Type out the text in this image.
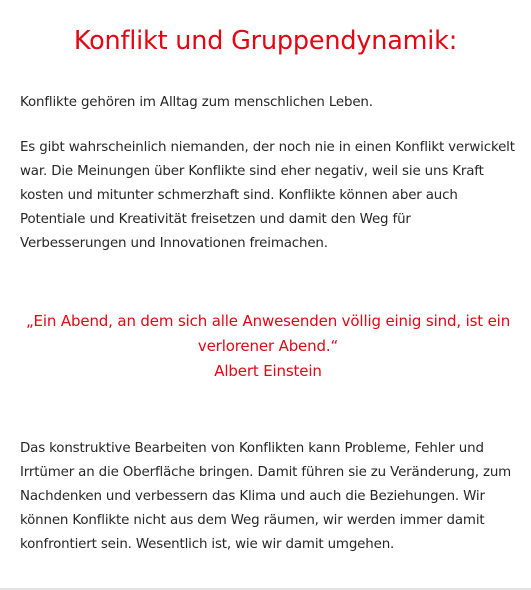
Konflikt und Gruppendynamik:

Konflikte gehören im Alltag zum menschlichen Leben.

Es gibt wahrscheinlich niemanden, der noch nie in einen Konflikt verwickelt war. Die Meinungen über Konflikte sind eher negativ, weil sie uns Kraft kosten und mitunter schmerzhaft sind. Konflikte können aber auch Potentiale und Kreativität freisetzen und damit den Weg für Verbesserungen und Innovationen freimachen.

„Ein Abend, an dem sich alle Anwesenden völlig einig sind, ist ein verlorener Abend.“
Albert Einstein

Das konstruktive Bearbeiten von Konflikten kann Probleme, Fehler und Irrtümer an die Oberfläche bringen. Damit führen sie zu Veränderung, zum Nachdenken und verbessern das Klima und auch die Beziehungen. Wir können Konflikte nicht aus dem Weg räumen, wir werden immer damit konfrontiert sein. Wesentlich ist, wie wir damit umgehen.
